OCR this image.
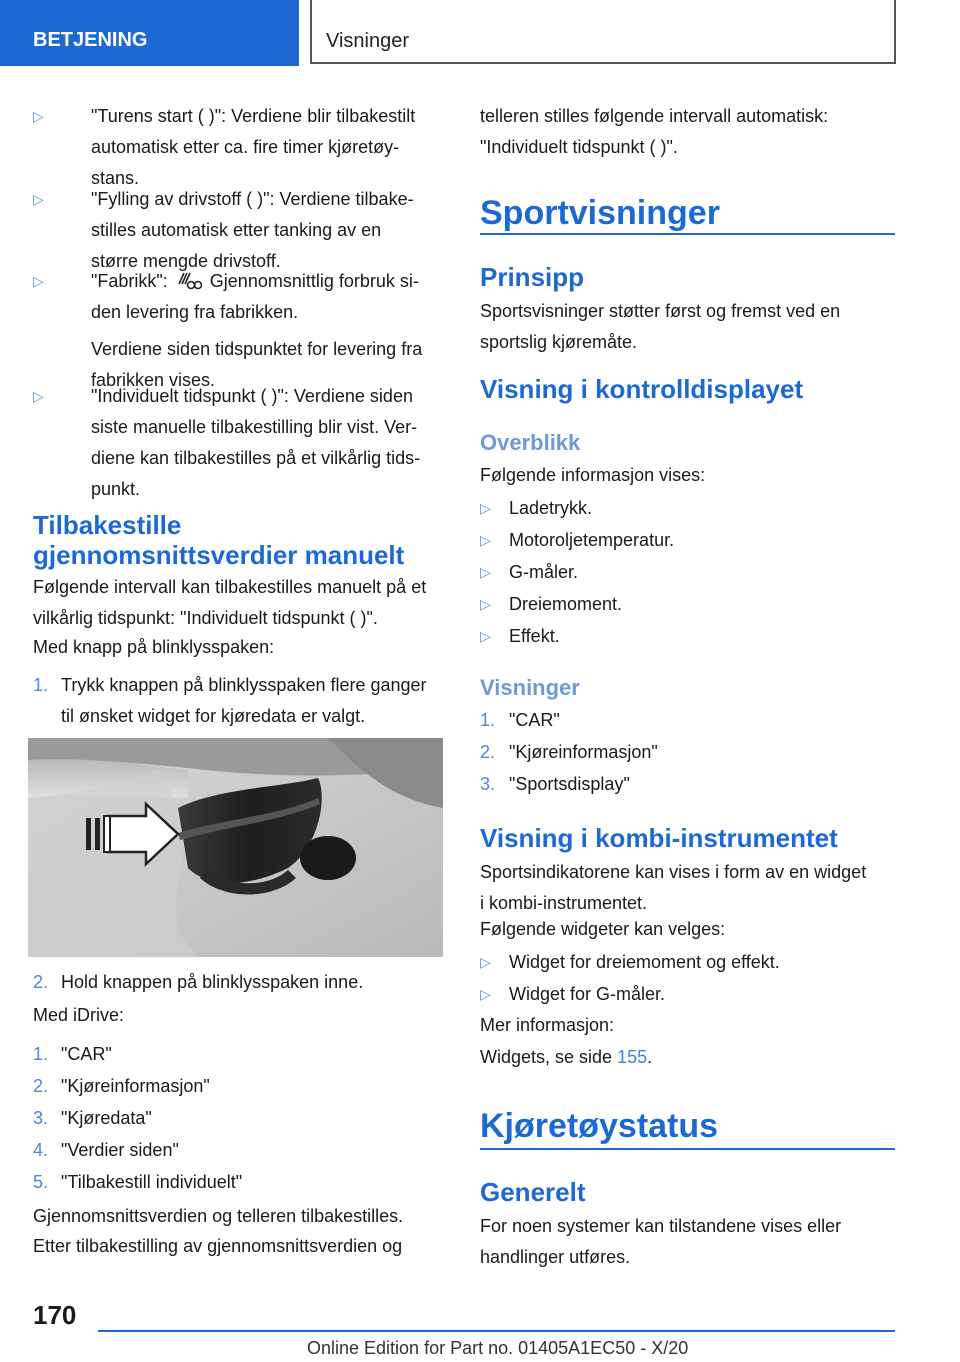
BETJENING	Visninger
▷	"Turens start ( )": Verdiene blir tilbakestilt
automatisk etter ca. fire timer kjøretøy-
stans.
▷	"Fylling av drivstoff ( )": Verdiene tilbake-
stilles automatisk etter tanking av en
større mengde drivstoff.
▷	"Fabrikk": Gjennomsnittlig forbruk si-
den levering fra fabrikken.
Verdiene siden tidspunktet for levering fra
fabrikken vises.
▷	"Individuelt tidspunkt ( )": Verdiene siden
siste manuelle tilbakestilling blir vist. Ver-
diene kan tilbakestilles på et vilkårlig tids-
punkt.
Tilbakestille
gjennomsnittsverdier manuelt
Følgende intervall kan tilbakestilles manuelt på et
vilkårlig tidspunkt: "Individuelt tidspunkt ( )".
Med knapp på blinklysspaken:
1. Trykk knappen på blinklysspaken flere ganger
til ønsket widget for kjøredata er valgt.
2. Hold knappen på blinklysspaken inne.
Med iDrive:
1. "CAR"
2. "Kjøreinformasjon"
3. "Kjøredata"
4. "Verdier siden"
5. "Tilbakestill individuelt"
Gjennomsnittsverdien og telleren tilbakestilles.
Etter tilbakestilling av gjennomsnittsverdien og
telleren stilles følgende intervall automatisk:
"Individuelt tidspunkt ( )".
Sportvisninger
Prinsipp
Sportsvisninger støtter først og fremst ved en
sportslig kjøremåte.
Visning i kontrolldisplayet
Overblikk
Følgende informasjon vises:
▷ Ladetrykk.
▷ Motoroljetemperatur.
▷ G-måler.
▷ Dreiemoment.
▷ Effekt.
Visninger
1. "CAR"
2. "Kjøreinformasjon"
3. "Sportsdisplay"
Visning i kombi-instrumentet
Sportsindikatorene kan vises i form av en widget
i kombi-instrumentet.
Følgende widgeter kan velges:
▷ Widget for dreiemoment og effekt.
▷ Widget for G-måler.
Mer informasjon:
Widgets, se side 155.
Kjøretøystatus
Generelt
For noen systemer kan tilstandene vises eller
handlinger utføres.
170
Online Edition for Part no. 01405A1EC50 - X/20
